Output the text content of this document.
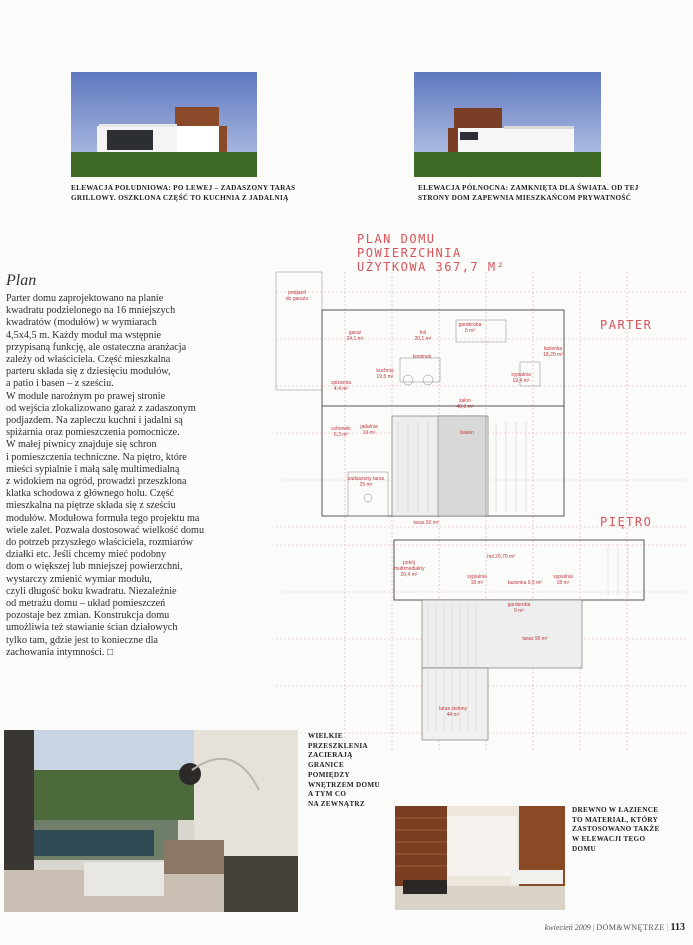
ELEWACJA POŁUDNIOWA: PO LEWEJ – ZADASZONY TARAS
GRILLOWY. OSZKLONA CZĘŚĆ TO KUCHNIA Z JADALNIĄ
ELEWACJA PÓŁNOCNA: ZAMKNIĘTA DLA ŚWIATA. OD TEJ
STRONY DOM ZAPEWNIA MIESZKAŃCOM PRYWATNOŚĆ
PLAN DOMU
POWIERZCHNIA
UŻYTKOWA 367,7 M²
Plan
Parter domu zaprojektowano na planie
kwadratu podzielonego na 16 mniejszych
kwadratów (modułów) w wymiarach
4,5x4,5 m. Każdy moduł ma wstępnie
przypisaną funkcję, ale ostateczna aranżacja
zależy od właściciela. Część mieszkalna
parteru składa się z dziesięciu modułów,
a patio i basen – z sześciu.
W module narożnym po prawej stronie
od wejścia zlokalizowano garaż z zadaszonym
podjazdem. Na zapleczu kuchni i jadalni są
spiżarnia oraz pomieszczenia pomocnicze.
W małej piwnicy znajduje się schron
i pomieszczenia techniczne. Na piętro, które
mieści sypialnie i małą salę multimedialną
z widokiem na ogród, prowadzi przeszklona
klatka schodowa z głównego holu. Część
mieszkalna na piętrze składa się z sześciu
modułów. Modułowa formuła tego projektu ma
wiele zalet. Pozwala dostosować wielkość domu
do potrzeb przyszłego właściciela, rozmiarów
działki etc. Jeśli chcemy mieć podobny
dom o większej lub mniejszej powierzchni,
wystarczy zmienić wymiar modułu,
czyli długość boku kwadratu. Niezależnie
od metrażu domu – układ pomieszczeń
pozostaje bez zmian. Konstrukcja domu
umożliwia też stawianie ścian działowych
tylko tam, gdzie jest to konieczne dla
zachowania intymności. □
PARTER
PIĘTRO
podjazd
do garażu
garaż
24,1 m²
hol
20,1 m²
garderoba
5 m²
kominek
łazienka
18,20 m²
kuchnia
19,5 m²
salon
40,9 m²
sypialnia
19,4 m²
spiżarnia
4,4 m²
schowek
6,3 m²
jadalnia
19 m²	basen
zadaszony taras
25 m²
taras 50 m²
hol 20,70 m²
pokój
multimedialny
20,4 m²	sypialnia
18 m²	łazienka 9,5 m²
sypialnia
18 m²
garderoba
9 m²
taras 90 m²
taras zielony
44 m²
WIELKIE
PRZESZKLENIA
ZACIERAJĄ
GRANICE
POMIĘDZY
WNĘTRZEM DOMU
A TYM CO
NA ZEWNĄTRZ
DREWNO W ŁAZIENCE
TO MATERIAŁ, KTÓRY
ZASTOSOWANO TAKŻE
W ELEWACJI TEGO
DOMU
kwiecień 2009 | DOM&WNĘTRZE | 113
